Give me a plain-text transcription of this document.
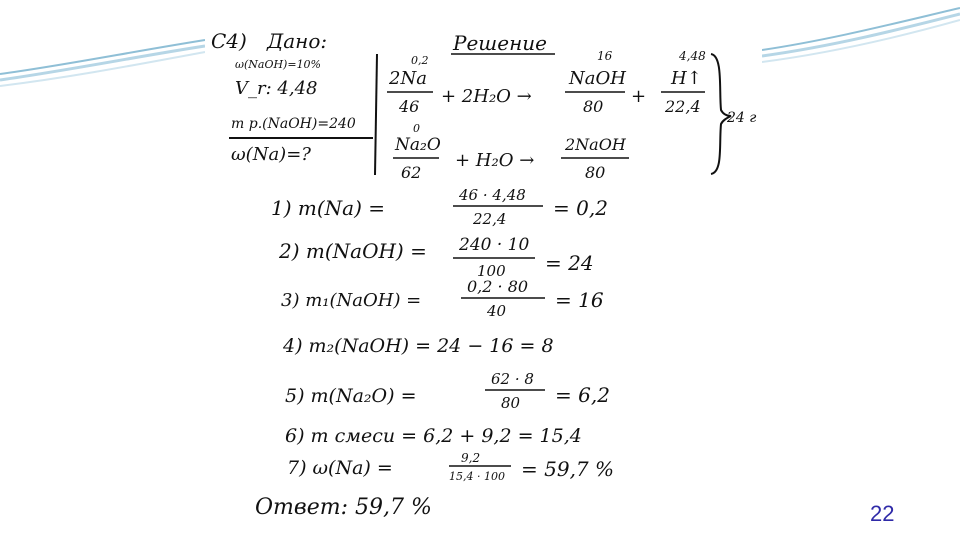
C4) Дано:
ω(NaOH)=10%
V_r: 4,48
m р.(NaOH)=240
ω(Na)=?
Решение
0,2
2Na
46 + 2H₂O →
16
NaOH
80 +
4,48
H↑
22,4
0
Na₂O
62
+ H₂O →
2NaOH
80
24 г
1) m(Na) =
46 · 4,48
22,4 = 0,2
2) m(NaOH) = 240 · 10
100 = 24
3) m₁(NaOH) =
0,2 · 80
40 = 16
4) m₂(NaOH) = 24 − 16 = 8
5) m(Na₂O) =
62 · 8
80 = 6,2
6) m смеси = 6,2 + 9,2 = 15,4
7) ω(Na) =	9,2
15,4 · 100 = 59,7 %
Ответ: 59,7 %	22
